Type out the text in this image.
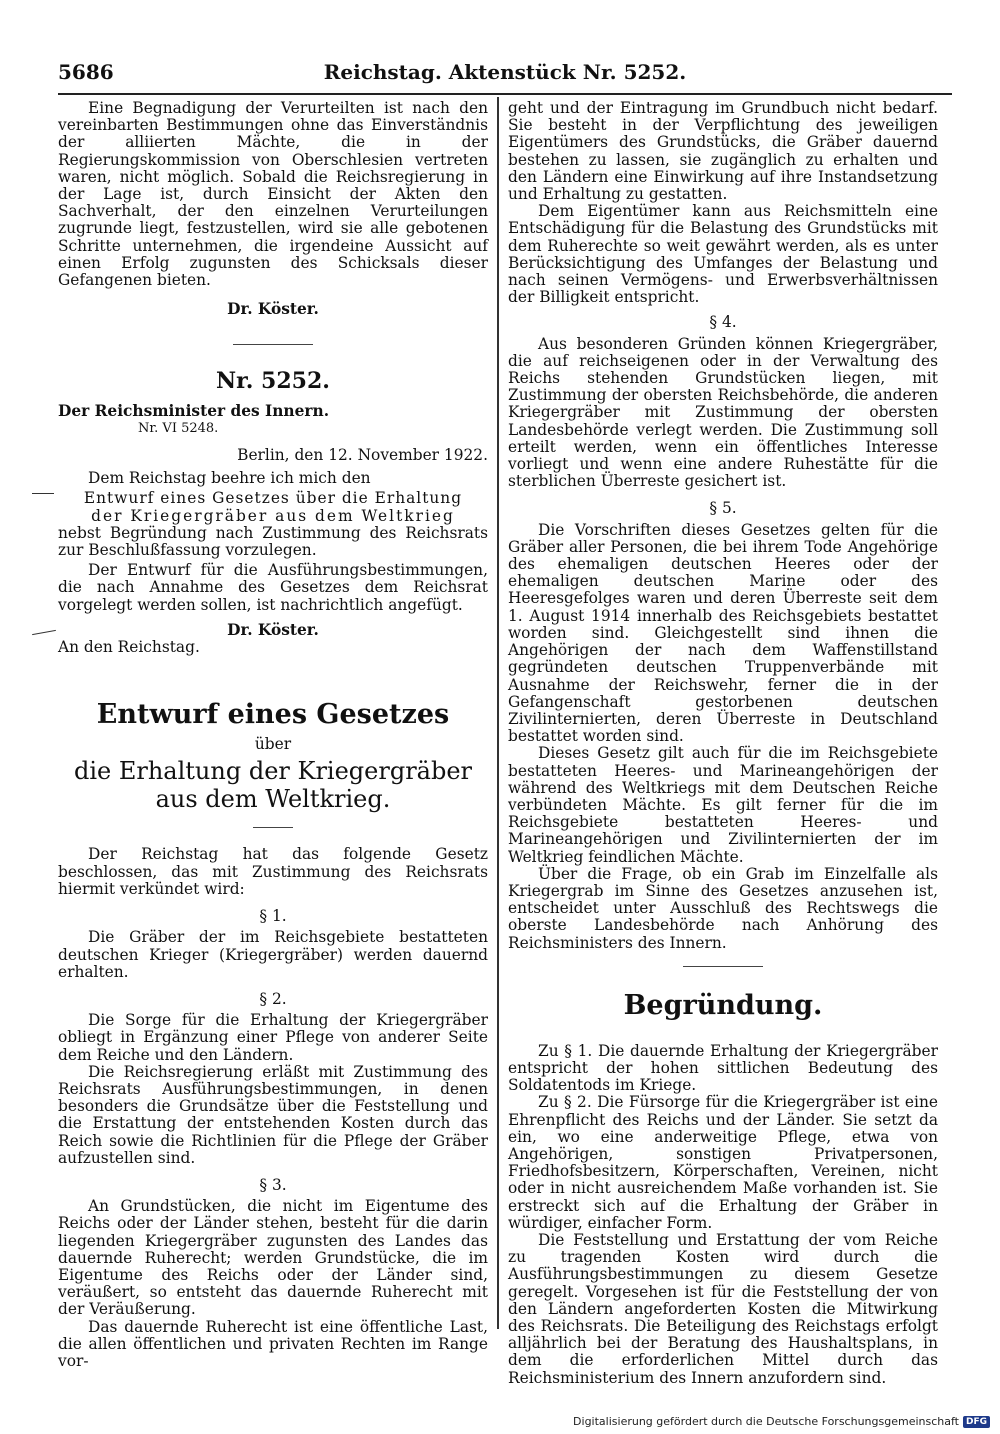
5686	Reichstag. Aktenstück Nr. 5252.

Eine Begnadigung der Verurteilten ist nach den vereinbarten Bestimmungen ohne das Einverständnis der alliierten Mächte, die in der Regierungskommission von Oberschlesien vertreten waren, nicht möglich. Sobald die Reichsregierung in der Lage ist, durch Einsicht der Akten den Sachverhalt, der den einzelnen Verurteilungen zugrunde liegt, festzustellen, wird sie alle gebotenen Schritte unternehmen, die irgendeine Aussicht auf einen Erfolg zugunsten des Schicksals dieser Gefangenen bieten.

Dr. Köster.

Nr. 5252.

Der Reichsminister des Innern.

Nr. VI 5248.

Berlin, den 12. November 1922.

Dem Reichstag beehre ich mich den

Entwurf eines Gesetzes über die Erhaltung

der Kriegergräber aus dem Weltkrieg

nebst Begründung nach Zustimmung des Reichsrats zur Beschlußfassung vorzulegen.

Der Entwurf für die Ausführungsbestimmungen, die nach Annahme des Gesetzes dem Reichsrat vorgelegt werden sollen, ist nachrichtlich angefügt.

Dr. Köster.

An den Reichstag.

Entwurf eines Gesetzes

über

die Erhaltung der Kriegergräber aus dem Weltkrieg.

Der Reichstag hat das folgende Gesetz beschlossen, das mit Zustimmung des Reichsrats hiermit verkündet wird:

§ 1.

Die Gräber der im Reichsgebiete bestatteten deutschen Krieger (Kriegergräber) werden dauernd erhalten.

§ 2.

Die Sorge für die Erhaltung der Kriegergräber obliegt in Ergänzung einer Pflege von anderer Seite dem Reiche und den Ländern.

Die Reichsregierung erläßt mit Zustimmung des Reichsrats Ausführungsbestimmungen, in denen besonders die Grundsätze über die Feststellung und die Erstattung der entstehenden Kosten durch das Reich sowie die Richtlinien für die Pflege der Gräber aufzustellen sind.

§ 3.

An Grundstücken, die nicht im Eigentume des Reichs oder der Länder stehen, besteht für die darin liegenden Kriegergräber zugunsten des Landes das dauernde Ruherecht; werden Grundstücke, die im Eigentume des Reichs oder der Länder sind, veräußert, so entsteht das dauernde Ruherecht mit der Veräußerung.

Das dauernde Ruherecht ist eine öffentliche Last, die allen öffentlichen und privaten Rechten im Range vor-

geht und der Eintragung im Grundbuch nicht bedarf. Sie besteht in der Verpflichtung des jeweiligen Eigentümers des Grundstücks, die Gräber dauernd bestehen zu lassen, sie zugänglich zu erhalten und den Ländern eine Einwirkung auf ihre Instandsetzung und Erhaltung zu gestatten.

Dem Eigentümer kann aus Reichsmitteln eine Entschädigung für die Belastung des Grundstücks mit dem Ruherechte so weit gewährt werden, als es unter Berücksichtigung des Umfanges der Belastung und nach seinen Vermögens- und Erwerbsverhältnissen der Billigkeit entspricht.

§ 4.

Aus besonderen Gründen können Kriegergräber, die auf reichseigenen oder in der Verwaltung des Reichs stehenden Grundstücken liegen, mit Zustimmung der obersten Reichsbehörde, die anderen Kriegergräber mit Zustimmung der obersten Landesbehörde verlegt werden. Die Zustimmung soll erteilt werden, wenn ein öffentliches Interesse vorliegt und wenn eine andere Ruhestätte für die sterblichen Überreste gesichert ist.

§ 5.

Die Vorschriften dieses Gesetzes gelten für die Gräber aller Personen, die bei ihrem Tode Angehörige des ehemaligen deutschen Heeres oder der ehemaligen deutschen Marine oder des Heeresgefolges waren und deren Überreste seit dem 1. August 1914 innerhalb des Reichsgebiets bestattet worden sind. Gleichgestellt sind ihnen die Angehörigen der nach dem Waffenstillstand gegründeten deutschen Truppenverbände mit Ausnahme der Reichswehr, ferner die in der Gefangenschaft gestorbenen deutschen Zivilinternierten, deren Überreste in Deutschland bestattet worden sind.

Dieses Gesetz gilt auch für die im Reichsgebiete bestatteten Heeres- und Marineangehörigen der während des Weltkriegs mit dem Deutschen Reiche verbündeten Mächte. Es gilt ferner für die im Reichsgebiete bestatteten Heeres- und Marineangehörigen und Zivilinternierten der im Weltkrieg feindlichen Mächte.

Über die Frage, ob ein Grab im Einzelfalle als Kriegergrab im Sinne des Gesetzes anzusehen ist, entscheidet unter Ausschluß des Rechtswegs die oberste Landesbehörde nach Anhörung des Reichsministers des Innern.

Begründung.

Zu § 1. Die dauernde Erhaltung der Kriegergräber entspricht der hohen sittlichen Bedeutung des Soldatentods im Kriege.

Zu § 2. Die Fürsorge für die Kriegergräber ist eine Ehrenpflicht des Reichs und der Länder. Sie setzt da ein, wo eine anderweitige Pflege, etwa von Angehörigen, sonstigen Privatpersonen, Friedhofsbesitzern, Körperschaften, Vereinen, nicht oder in nicht ausreichendem Maße vorhanden ist. Sie erstreckt sich auf die Erhaltung der Gräber in würdiger, einfacher Form.

Die Feststellung und Erstattung der vom Reiche zu tragenden Kosten wird durch die Ausführungsbestimmungen zu diesem Gesetze geregelt. Vorgesehen ist für die Feststellung der von den Ländern angeforderten Kosten die Mitwirkung des Reichsrats. Die Beteiligung des Reichstags erfolgt alljährlich bei der Beratung des Haushaltsplans, in dem die erforderlichen Mittel durch das Reichsministerium des Innern anzufordern sind.

Digitalisierung gefördert durch die Deutsche Forschungsgemeinschaft DFG
